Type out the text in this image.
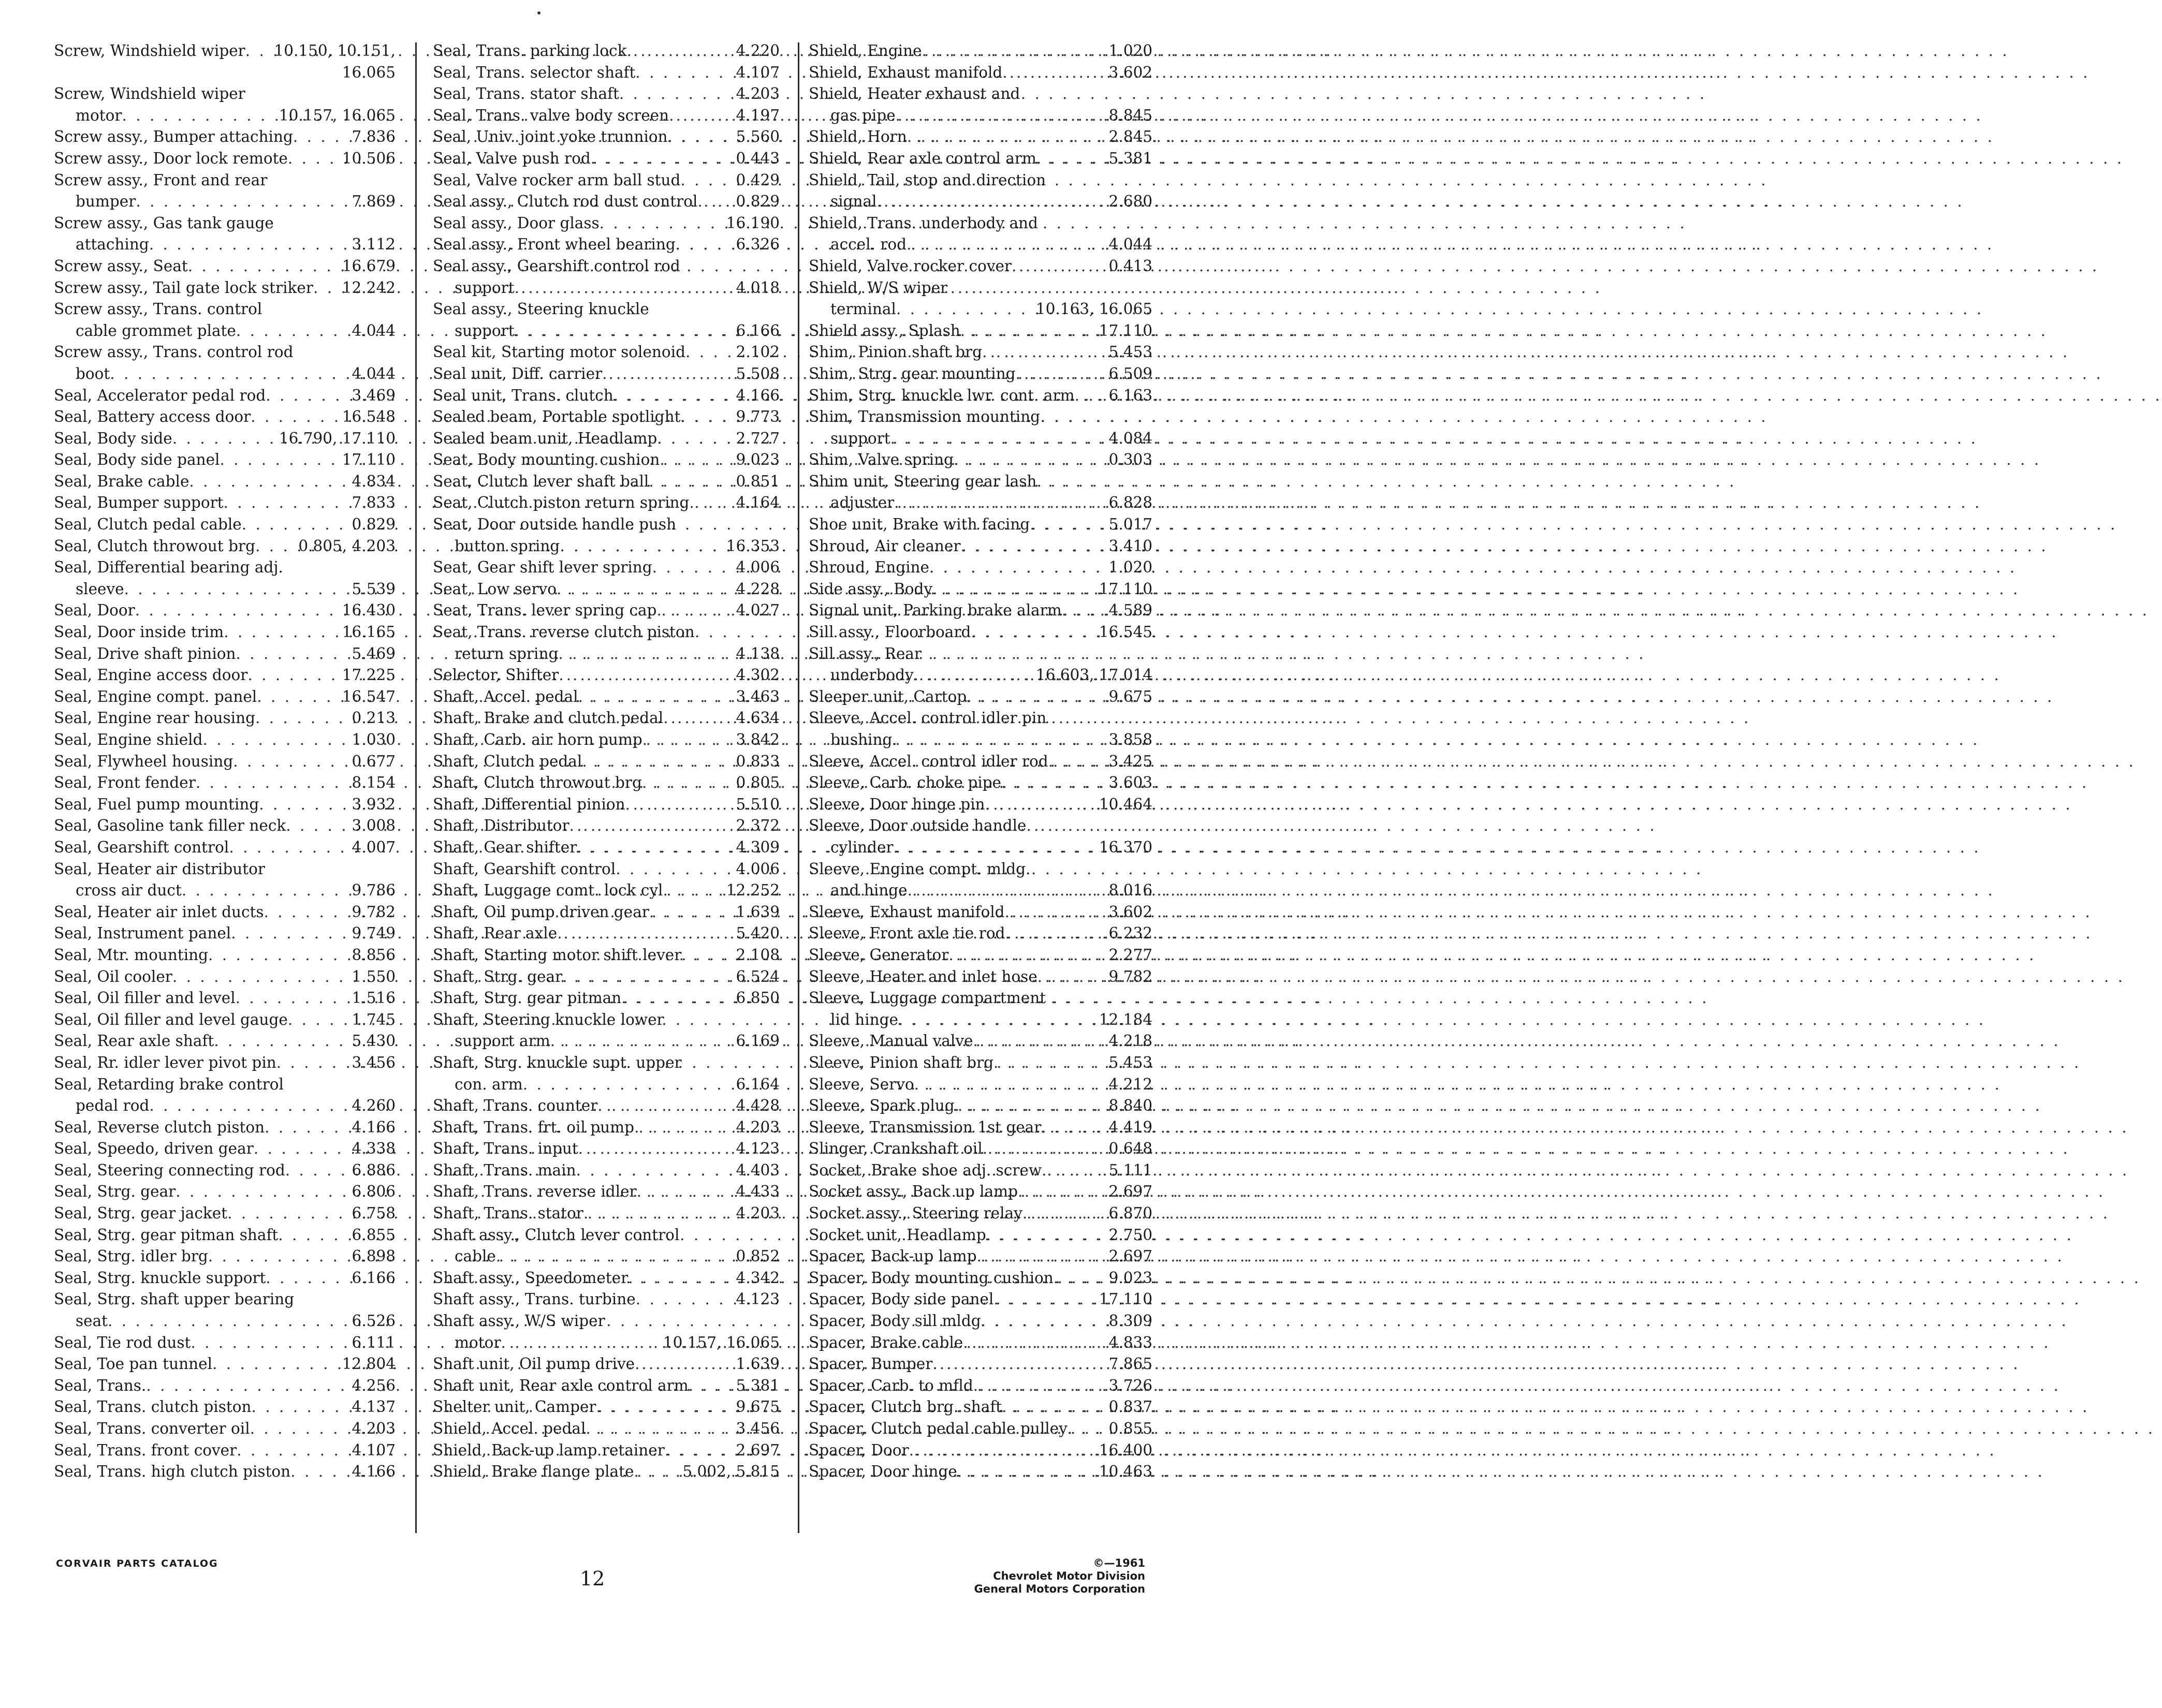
Screw, Windshield wiper . . . 10.150, 10.151,
16.065
Screw, Windshield wiper
motor . . .	10.157, 16.065
Screw assy., Bumper attaching . . .	7.836
Screw assy., Door lock remote . . .	10.506
Screw assy., Front and rear
bumper . . .	7.869
Screw assy., Gas tank gauge
attaching . . .	3.112
Screw assy., Seat . . .	16.679
Screw assy., Tail gate lock striker . . . 12.242
Screw assy., Trans. control
cable grommet plate . . .	4.044
Screw assy., Trans. control rod
boot . . .	4.044
Seal, Accelerator pedal rod . . .	3.469
Seal, Battery access door . . .	16.548
Seal, Body side . . .	16.790, 17.110
Seal, Body side panel . . .	17.110
Seal, Brake cable . . .	4.834
Seal, Bumper support . . .	7.833
Seal, Clutch pedal cable . . .	0.829
Seal, Clutch throwout brg . . .	0.805, 4.203
Seal, Differential bearing adj.
sleeve . . .	5.539
Seal, Door . . .	16.430
Seal, Door inside trim . . .	16.165
Seal, Drive shaft pinion . . .	5.469
Seal, Engine access door . . .	17.225
Seal, Engine compt. panel . . .	16.547
Seal, Engine rear housing . . .	0.213
Seal, Engine shield . . .	1.030
Seal, Flywheel housing . . .	0.677
Seal, Front fender . . .	8.154
Seal, Fuel pump mounting . . .	3.932
Seal, Gasoline tank filler neck . . .	3.008
Seal, Gearshift control . . .	4.007
Seal, Heater air distributor
cross air duct . . .	9.786
Seal, Heater air inlet ducts . . .	9.782
Seal, Instrument panel . . .	9.749
Seal, Mtr. mounting . . .	8.856
Seal, Oil cooler . . .	1.550
Seal, Oil filler and level . . .	1.516
Seal, Oil filler and level gauge . . .	1.745
Seal, Rear axle shaft . . .	5.430
Seal, Rr. idler lever pivot pin . . .	3.456
Seal, Retarding brake control
pedal rod . . .	4.260
Seal, Reverse clutch piston . . .	4.166
Seal, Speedo, driven gear . . .	4.338
Seal, Steering connecting rod . . .	6.886
Seal, Strg. gear . . .	6.806
Seal, Strg. gear jacket . . .	6.758
Seal, Strg. gear pitman shaft . . .	6.855
Seal, Strg. idler brg . . .	6.898
Seal, Strg. knuckle support . . .	6.166
Seal, Strg. shaft upper bearing
seat . . .	6.526
Seal, Tie rod dust . . .	6.111
Seal, Toe pan tunnel . . .	12.804
Seal, Trans. . . .	4.256
Seal, Trans. clutch piston . . .	4.137
Seal, Trans. converter oil . . .	4.203
Seal, Trans. front cover . . .	4.107
Seal, Trans. high clutch piston . . .	4.166
Seal, Trans. parking lock . . .	4.220
Seal, Trans. selector shaft . . .	4.107
Seal, Trans. stator shaft . . .	4.203
Seal, Trans. valve body screen . . .	4.197
Seal, Univ. joint yoke trunnion . . .	5.560
Seal, Valve push rod . . .	0.443
Seal, Valve rocker arm ball stud . . .	0.429
Seal assy., Clutch rod dust control . . .	0.829
Seal assy., Door glass . . .	16.190
Seal assy., Front wheel bearing . . .	6.326
Seal assy., Gearshift control rod
support . . .	4.018
Seal assy., Steering knuckle
support . . .	6.166
Seal kit, Starting motor solenoid . . .	2.102
Seal unit, Diff. carrier . . .	5.508
Seal unit, Trans. clutch . . .	4.166
Sealed beam, Portable spotlight . . .	9.773
Sealed beam unit, Headlamp . . .	2.727
Seat, Body mounting cushion . . .	9.023
Seat, Clutch lever shaft ball . . .	0.851
Seat, Clutch piston return spring . . .	4.164
Seat, Door outside handle push
button spring . . .	16.353
Seat, Gear shift lever spring . . .	4.006
Seat, Low servo . . .	4.228
Seat, Trans. lever spring cap . . .	4.027
Seat, Trans. reverse clutch piston
return spring . . .	4.138
Selector, Shifter . . .	4.302
Shaft, Accel. pedal . . .	3.463
Shaft, Brake and clutch pedal . . .	4.634
Shaft, Carb. air horn pump . . .	3.842
Shaft, Clutch pedal . . .	0.833
Shaft, Clutch throwout brg . . .	0.805
Shaft, Differential pinion . . .	5.510
Shaft, Distributor . . .	2.372
Shaft, Gear shifter . . .	4.309
Shaft, Gearshift control . . .	4.006
Shaft, Luggage comt. lock cyl . . .	12.252
Shaft, Oil pump driven gear . . .	1.639
Shaft, Rear axle . . .	5.420
Shaft, Starting motor shift lever . . .	2.108
Shaft, Strg. gear . . .	6.524
Shaft, Strg. gear pitman . . .	6.850
Shaft, Steering knuckle lower
support arm . . .	6.169
Shaft, Strg. knuckle supt. upper
con. arm . . .	6.164
Shaft, Trans. counter . . .	4.428
Shaft, Trans. frt. oil pump . . .	4.203
Shaft, Trans. input . . .	4.123
Shaft, Trans. main . . .	4.403
Shaft, Trans. reverse idler . . .	4.433
Shaft, Trans. stator . . .	4.203
Shaft assy., Clutch lever control
cable . . .	0.852
Shaft assy., Speedometer . . .	4.342
Shaft assy., Trans. turbine . . .	4.123
Shaft assy., W/S wiper
motor . . .	10.157, 16.065
Shaft unit, Oil pump drive . . .	1.639
Shaft unit, Rear axle control arm . . .	5.381
Shelter unit, Camper . . .	9.675
Shield, Accel. pedal . . .	3.456
Shield, Back-up lamp retainer . . .	2.697
Shield, Brake flange plate . . .	5.002, 5.815
Shield, Engine . . .	1.020
Shield, Exhaust manifold . . .	3.602
Shield, Heater exhaust and
gas pipe . . .	8.845
Shield, Horn . . .	2.845
Shield, Rear axle control arm . . .	5.381
Shield, Tail, stop and direction
signal . . .	2.680
Shield, Trans. underbody and
accel. rod . . .	4.044
Shield, Valve rocker cover . . .	0.413
Shield, W/S wiper
terminal . . .	10.163, 16.065
Shield assy., Splash . . .	17.110
Shim, Pinion shaft brg . . .	5.453
Shim, Strg. gear mounting . . .	6.509
Shim, Strg. knuckle lwr. cont. arm . . . 6.163
Shim, Transmission mounting
support . . .	4.084
Shim, Valve spring . . .	0.303
Shim unit, Steering gear lash
adjuster . . .	6.828
Shoe unit, Brake with facing . . .	5.017
Shroud, Air cleaner . . .	3.410
Shroud, Engine . . .	1.020
Side assy., Body . . .	17.110
Signal unit, Parking brake alarm . . .	4.589
Sill assy., Floorboard . . .	16.545
Sill assy., Rear
underbody . . .	16.603, 17.014
Sleeper unit, Cartop . . .	9.675
Sleeve, Accel. control idler pin
bushing . . .	3.858
Sleeve, Accel. control idler rod . . .	3.425
Sleeve, Carb. choke pipe . . .	3.603
Sleeve, Door hinge pin . . .	10.464
Sleeve, Door outside handle
cylinder . . .	16.370
Sleeve, Engine compt. mldg.
and hinge . . .	8.016
Sleeve, Exhaust manifold . . .	3.602
Sleeve, Front axle tie rod . . .	6.232
Sleeve, Generator . . .	2.277
Sleeve, Heater and inlet hose . . .	9.782
Sleeve, Luggage compartment
lid hinge . . .	12.184
Sleeve, Manual valve . . .	4.218
Sleeve, Pinion shaft brg . . .	5.453
Sleeve, Servo . . .	4.212
Sleeve, Spark plug . . .	8.840
Sleeve, Transmission 1st gear . . .	4.419
Slinger, Crankshaft oil . . .	0.648
Socket, Brake shoe adj. screw . . .	5.111
Socket assy., Back up lamp . . .	2.697
Socket assy., Steering relay . . .	6.870
Socket unit, Headlamp . . .	2.750
Spacer, Back-up lamp . . .	2.697
Spacer, Body mounting cushion . . .	9.023
Spacer, Body side panel . . .	17.110
Spacer, Body sill mldg . . .	8.309
Spacer, Brake cable . . .	4.833
Spacer, Bumper . . .	7.865
Spacer, Carb. to mfld . . .	3.726
Spacer, Clutch brg. shaft . . .	0.837
Spacer, Clutch pedal cable pulley . . .	0.855
Spacer, Door . . .	16.400
Spacer, Door hinge . . .	10.463
CORVAIR PARTS CATALOG
12
©—1961
Chevrolet Motor Division
General Motors Corporation
